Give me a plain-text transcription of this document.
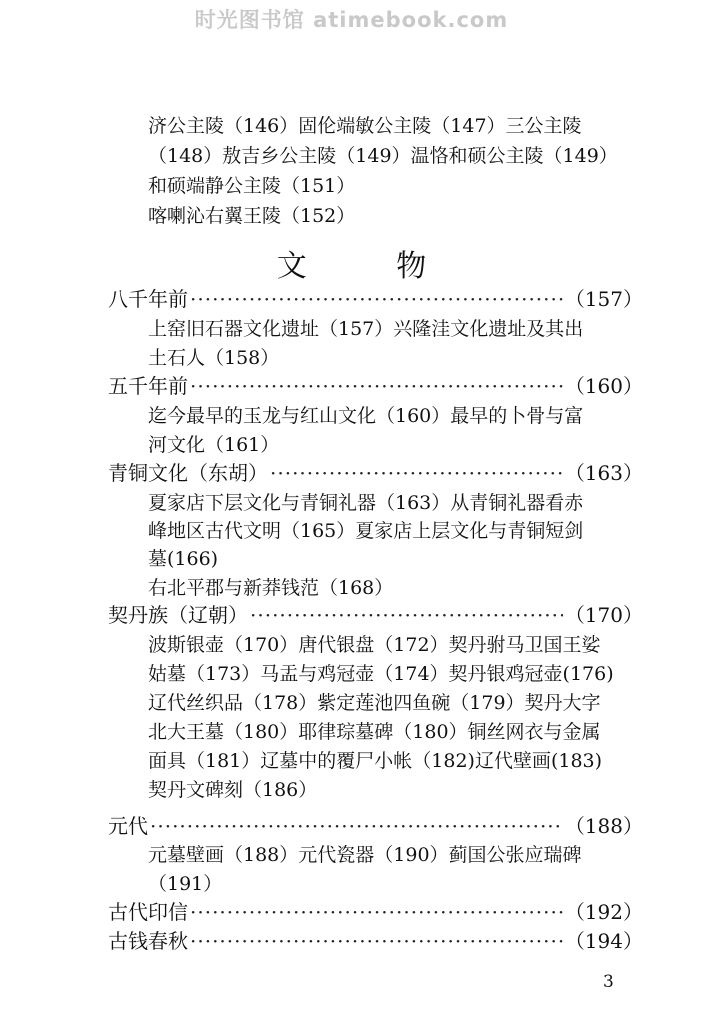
时光图书馆 atimebook.com
济公主陵（146）固伦端敏公主陵（147）三公主陵
（148）敖吉乡公主陵（149）温恪和硕公主陵（149）
和硕端静公主陵（151）
喀喇沁右翼王陵（152）
文 物
八千年前 ·····	（157）
上窑旧石器文化遗址（157）兴隆洼文化遗址及其出
土石人（158）
五千年前 ·····	（160）
迄今最早的玉龙与红山文化（160）最早的卜骨与富
河文化（161）
青铜文化（东胡） ·····	（163）
夏家店下层文化与青铜礼器（163）从青铜礼器看赤
峰地区古代文明（165）夏家店上层文化与青铜短剑
墓(166)
右北平郡与新莽钱范（168）
契丹族（辽朝） ·····	（170）
波斯银壶（170）唐代银盘（172）契丹驸马卫国王娑
姑墓（173）马盂与鸡冠壶（174）契丹银鸡冠壶(176)
辽代丝织品（178）紫定莲池四鱼碗（179）契丹大字
北大王墓（180）耶律琮墓碑（180）铜丝网衣与金属
面具（181）辽墓中的覆尸小帐（182)辽代壁画(183)
契丹文碑刻（186）
元代 ·····	（188）
元墓壁画（188）元代瓷器（190）蓟国公张应瑞碑
（191）
古代印信 ·····	（192）
古钱春秋 ·····	（194）
3
